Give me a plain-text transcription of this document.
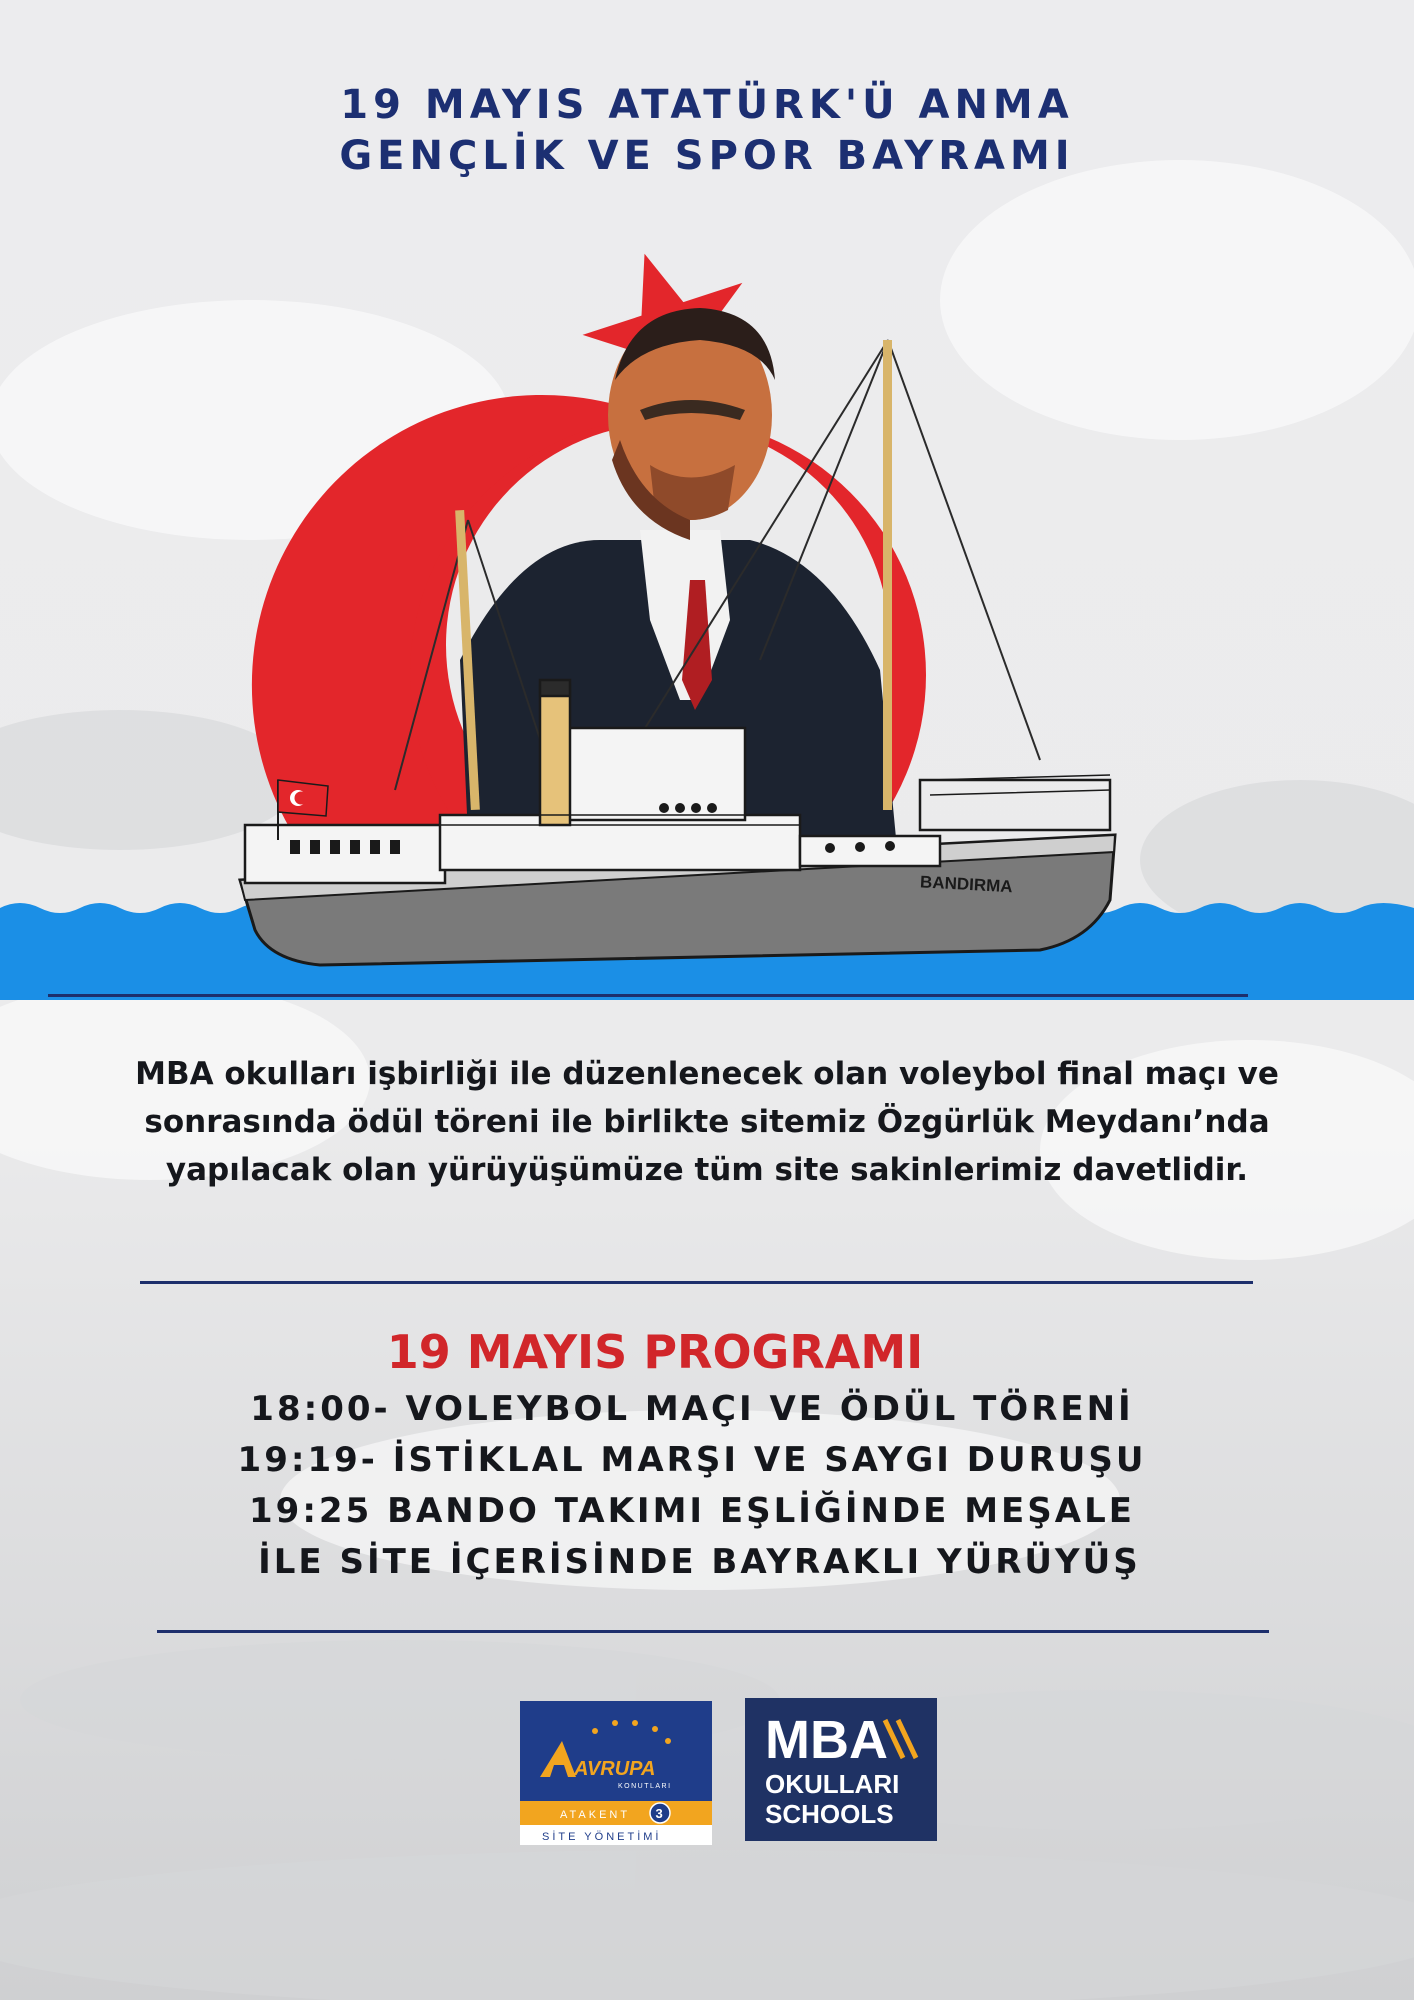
19 MAYIS ATATÜRK'Ü ANMA
GENÇLİK VE SPOR BAYRAMI
BANDIRMA
MBA okulları işbirliği ile düzenlenecek olan voleybol final maçı ve sonrasında ödül töreni ile birlikte sitemiz Özgürlük Meydanı’nda yapılacak olan yürüyüşümüze tüm site sakinlerimiz davetlidir.
19 MAYIS PROGRAMI
18:00- VOLEYBOL MAÇI VE ÖDÜL TÖRENİ
19:19- İSTİKLAL MARŞI VE SAYGI DURUŞU
19:25 BANDO TAKIMI EŞLİĞİNDE MEŞALE
İLE SİTE İÇERİSİNDE BAYRAKLI YÜRÜYÜŞ
AVRUPA
KONUTLARI
ATAKENT 3
SİTE YÖNETİMİ
MBA
OKULLARI
SCHOOLS
